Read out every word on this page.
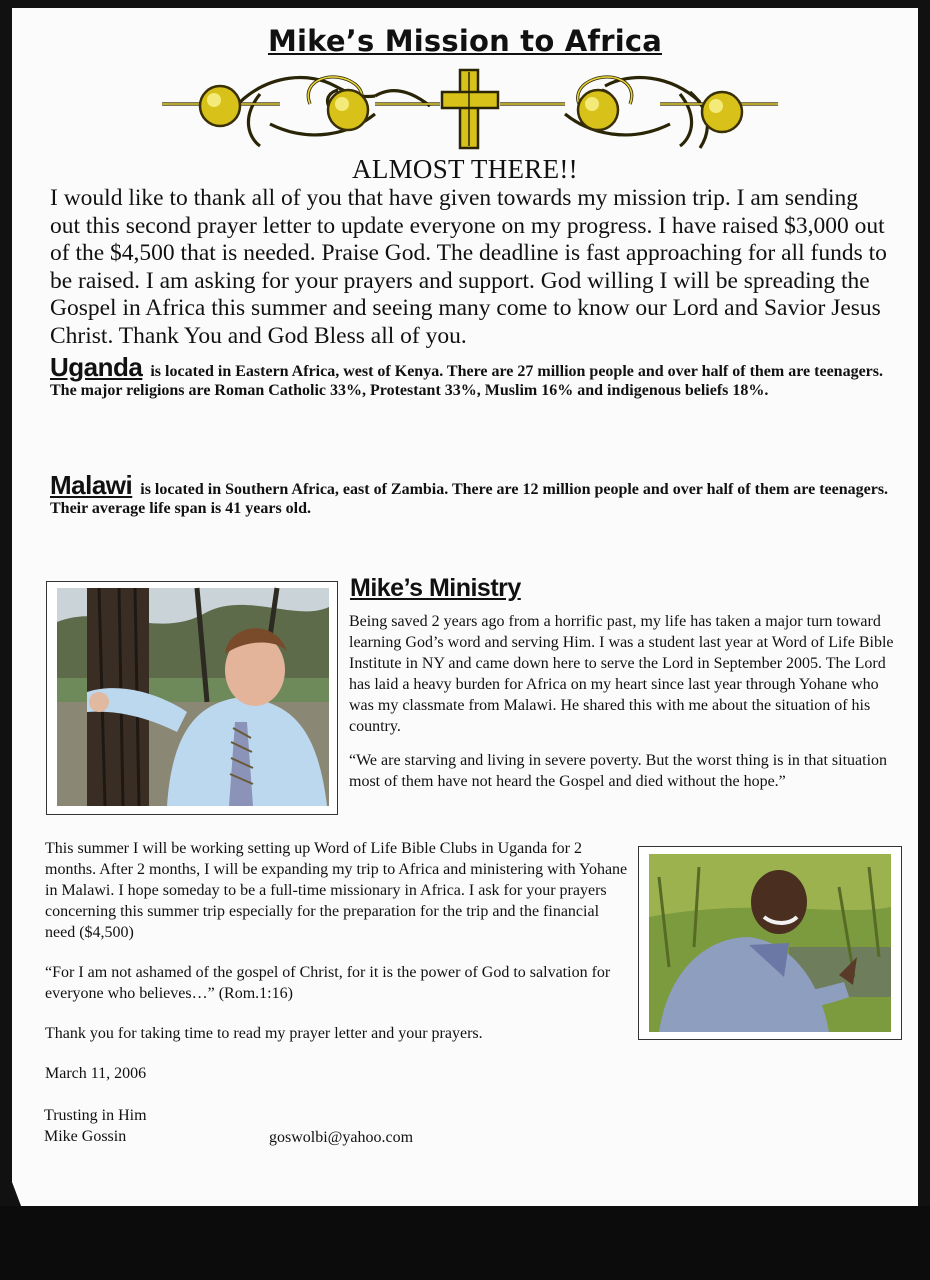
Mike’s Mission to Africa
ALMOST THERE!!
I would like to thank all of you that have given towards my mission trip. I am sending out this second prayer letter to update everyone on my progress. I have raised $3,000 out of the $4,500 that is needed. Praise God. The deadline is fast approaching for all funds to be raised. I am asking for your prayers and support. God willing I will be spreading the Gospel in Africa this summer and seeing many come to know our Lord and Savior Jesus Christ. Thank You and God Bless all of you.
Uganda is located in Eastern Africa, west of Kenya. There are 27 million people and over half of them are teenagers. The major religions are Roman Catholic 33%, Protestant 33%, Muslim 16% and indigenous beliefs 18%.
Malawi is located in Southern Africa, east of Zambia. There are 12 million people and over half of them are teenagers. Their average life span is 41 years old.
Mike’s Ministry

Being saved 2 years ago from a horrific past, my life has taken a major turn toward learning God’s word and serving Him. I was a student last year at Word of Life Bible Institute in NY and came down here to serve the Lord in September 2005. The Lord has laid a heavy burden for Africa on my heart since last year through Yohane who was my classmate from Malawi. He shared this with me about the situation of his country.

“We are starving and living in severe poverty. But the worst thing is in that situation most of them have not heard the Gospel and died without the hope.”

This summer I will be working setting up Word of Life Bible Clubs in Uganda for 2 months. After 2 months, I will be expanding my trip to Africa and ministering with Yohane in Malawi. I hope someday to be a full-time missionary in Africa. I ask for your prayers concerning this summer trip especially for the preparation for the trip and the financial need ($4,500)

“For I am not ashamed of the gospel of Christ, for it is the power of God to salvation for everyone who believes…” (Rom.1:16)

Thank you for taking time to read my prayer letter and your prayers.

March 11, 2006

Trusting in Him
Mike Gossin	goswolbi@yahoo.com
